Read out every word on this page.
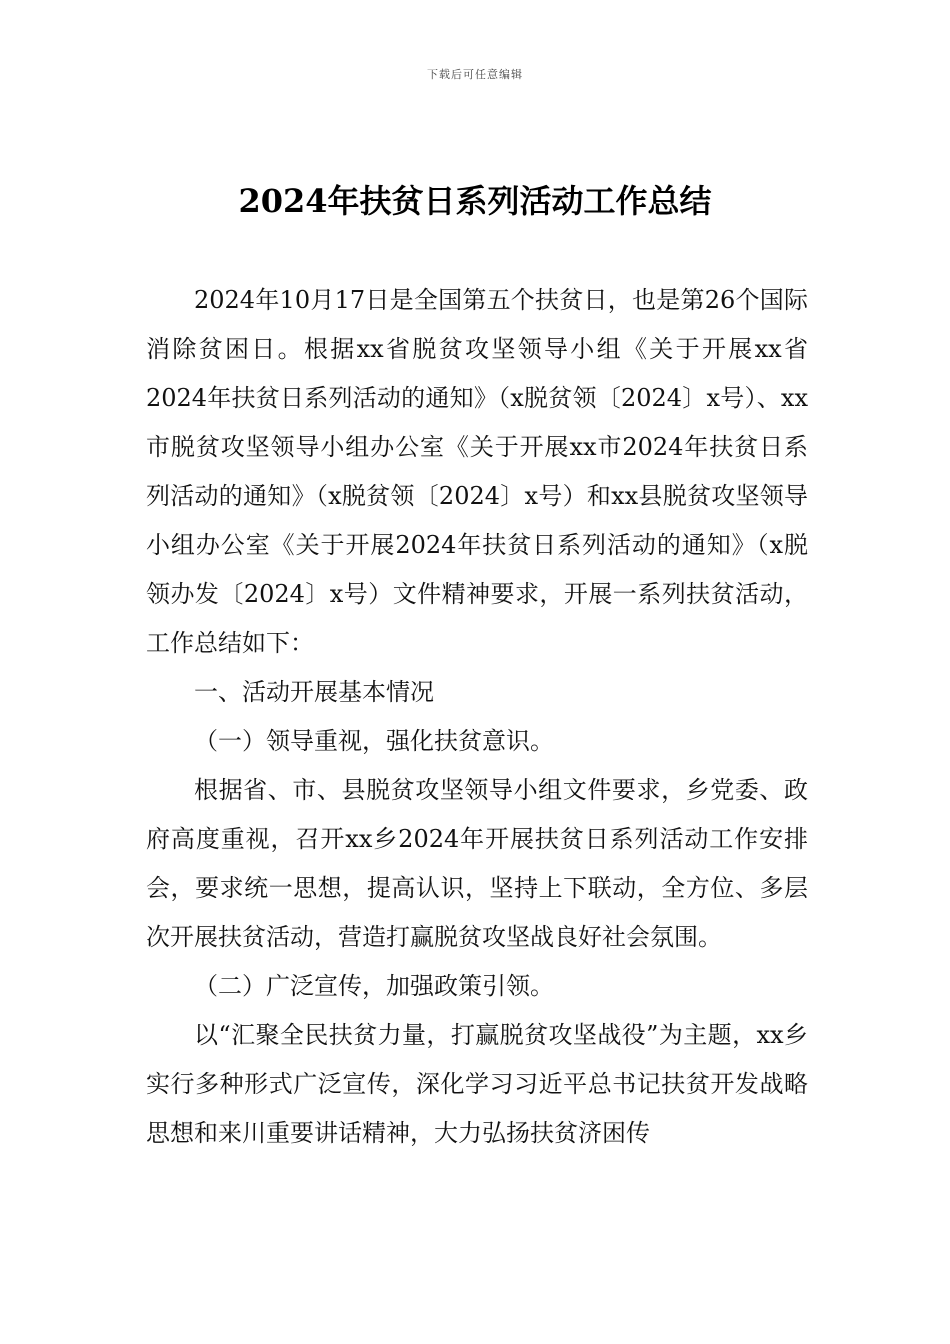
下载后可任意编辑
2024年扶贫日系列活动工作总结

2024年10月17日是全国第五个扶贫日，也是第26个国际消除贫困日。根据xx省脱贫攻坚领导小组《关于开展xx省2024年扶贫日系列活动的通知》（x脱贫领〔2024〕x号）、xx市脱贫攻坚领导小组办公室《关于开展xx市2024年扶贫日系列活动的通知》（x脱贫领〔2024〕x号）和xx县脱贫攻坚领导小组办公室《关于开展2024年扶贫日系列活动的通知》（x脱领办发〔2024〕x号）文件精神要求，开展一系列扶贫活动，工作总结如下：

一、活动开展基本情况

（一）领导重视，强化扶贫意识。

根据省、市、县脱贫攻坚领导小组文件要求，乡党委、政府高度重视，召开xx乡2024年开展扶贫日系列活动工作安排会，要求统一思想，提高认识，坚持上下联动，全方位、多层次开展扶贫活动，营造打赢脱贫攻坚战良好社会氛围。

（二）广泛宣传，加强政策引领。

以“汇聚全民扶贫力量，打赢脱贫攻坚战役”为主题，xx乡实行多种形式广泛宣传，深化学习习近平总书记扶贫开发战略思想和来川重要讲话精神，大力弘扬扶贫济困传
